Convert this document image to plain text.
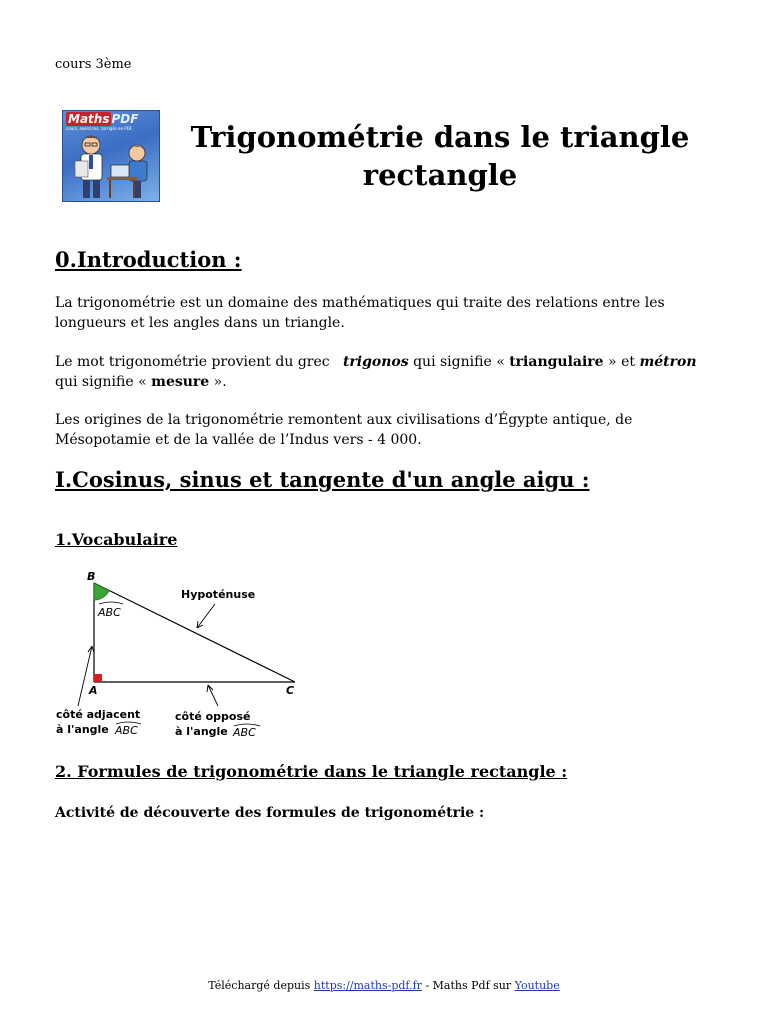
cours 3ème
Maths PDF
cours, exercices, corrigés en PDF	Trigonométrie dans le triangle
rectangle
0.Introduction :

La trigonométrie est un domaine des mathématiques qui traite des relations entre les
longueurs et les angles dans un triangle.

Le mot trigonométrie provient du grec trigonos qui signifie « triangulaire » et métron
qui signifie « mesure ».

Les origines de la trigonométrie remontent aux civilisations d’Égypte antique, de
Mésopotamie et de la vallée de l’Indus vers - 4 000.

I.Cosinus, sinus et tangente d'un angle aigu :
1.Vocabulaire
B
A	C
ABC
Hypoténuse
côté adjacent
à l'angle ABC
côté opposé
à l'angle ABC
2. Formules de trigonométrie dans le triangle rectangle :

Activité de découverte des formules de trigonométrie :

Téléchargé depuis https://maths-pdf.fr - Maths Pdf sur Youtube
